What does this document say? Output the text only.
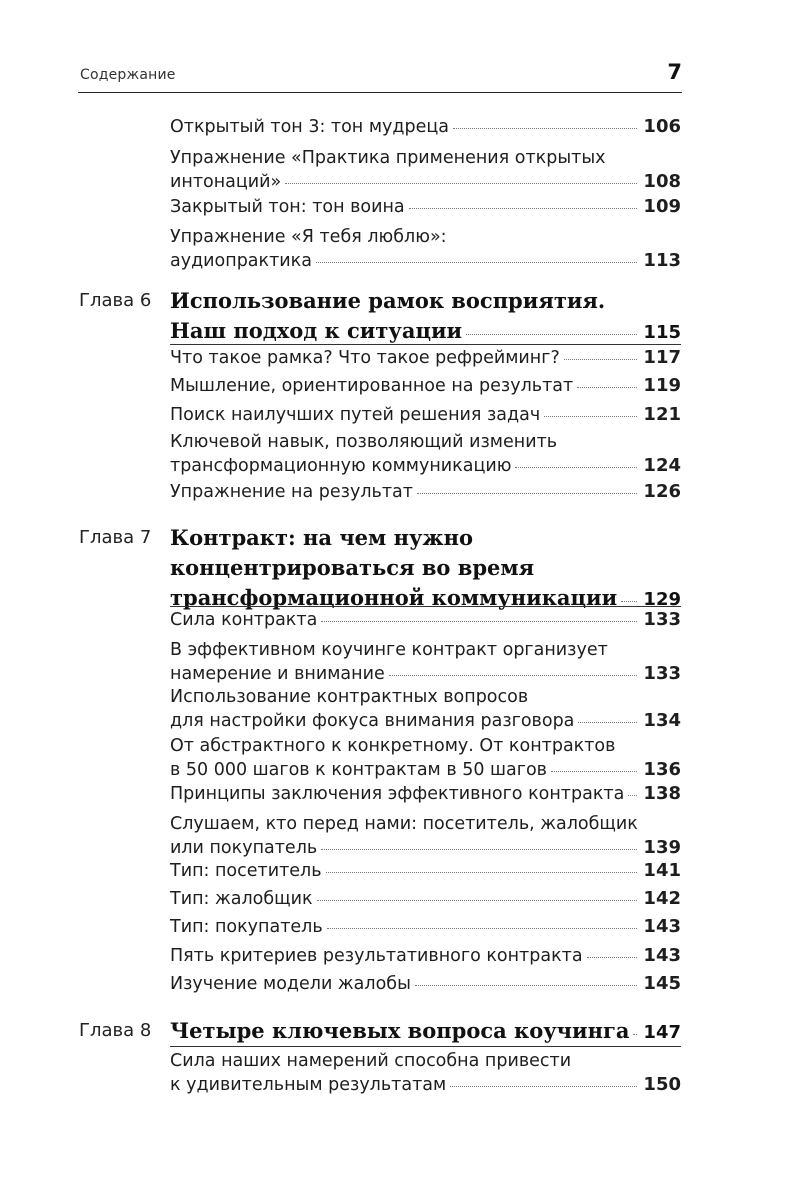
Содержание	7
Открытый тон 3: тон мудреца	106
Упражнение «Практика применения открытых
интонаций»	108
Закрытый тон: тон воина	109
Упражнение «Я тебя люблю»:
аудиопрактика	113
Глава 6 Использование рамок восприятия.
Наш подход к ситуации	115
Что такое рамка? Что такое рефрейминг?	117
Мышление, ориентированное на результат	119
Поиск наилучших путей решения задач	121
Ключевой навык, позволяющий изменить
трансформационную коммуникацию	124
Упражнение на результат	126
Глава 7 Контракт: на чем нужно
концентрироваться во время
трансформационной коммуникации 129
Сила контракта	133
В эффективном коучинге контракт организует
намерение и внимание	133
Использование контрактных вопросов
для настройки фокуса внимания разговора	134
От абстрактного к конкретному. От контрактов
в 50 000 шагов к контрактам в 50 шагов	136
Принципы заключения эффективного контракта 138
Слушаем, кто перед нами: посетитель, жалобщик
или покупатель	139
Тип: посетитель	141
Тип: жалобщик	142
Тип: покупатель	143
Пять критериев результативного контракта	143
Изучение модели жалобы	145
Глава 8 Четыре ключевых вопроса коучинга 147
Сила наших намерений способна привести
к удивительным результатам	150
